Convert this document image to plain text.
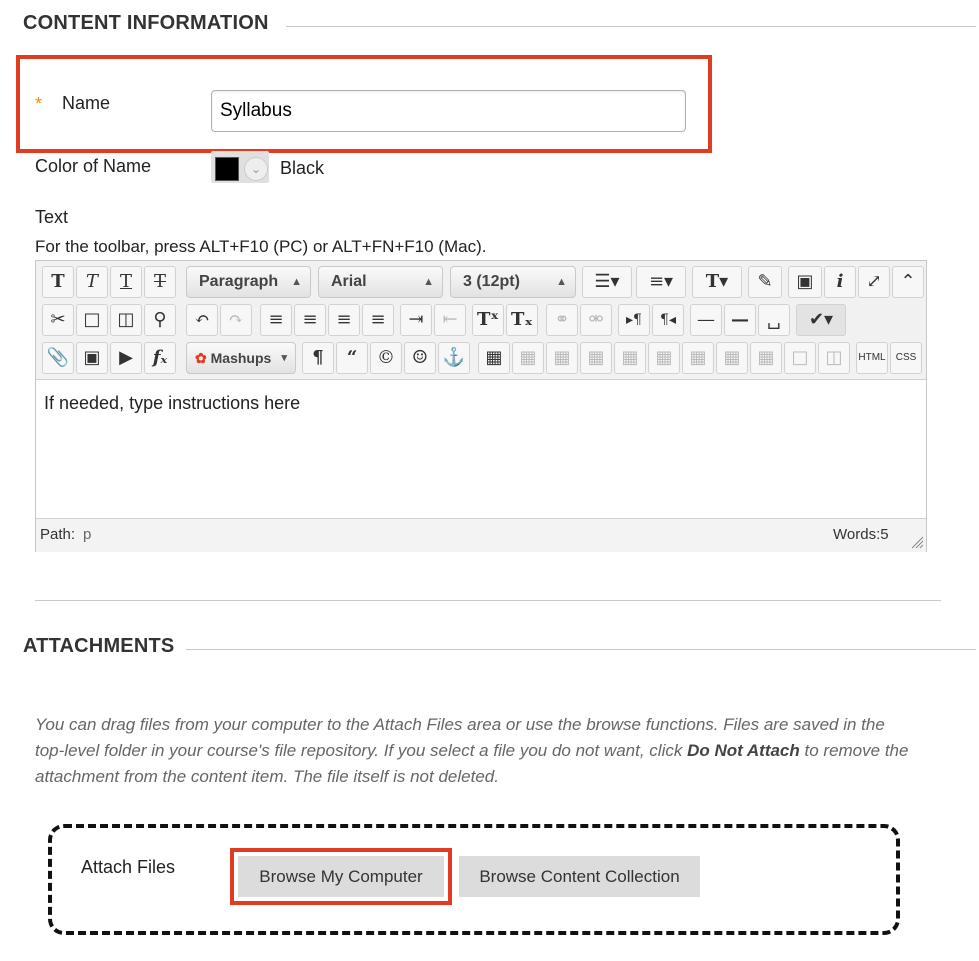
CONTENT INFORMATION
* Name
Syllabus
Color of Name	⌄	Black
Text
For the toolbar, press ALT+F10 (PC) or ALT+FN+F10 (Mac).
T	T	T	T	Paragraph ▲	Arial	▲	3 (12pt)	▲	☰▾	≡▾	T▾	✎	▣	i	⤢	⌃
✂ □ ◫	⚲	↶	↷	≡	≡	≡	≡	⇥	⇤	Tˣ Tₓ	⚭	⚮	▸¶	¶◂	— —	␣	✔▾
📎 ▣	▶	fₓ	✿ Mashups ▾	¶	“	© ☺ ⚓	▦ ▦ ▦ ▦ ▦ ▦ ▦ ▦ ▦ □ ◫	HTML	CSS
If needed, type instructions here
Path: p	Words:5
ATTACHMENTS
You can drag files from your computer to the Attach Files area or use the browse functions. Files are saved in the top-level folder in your course's file repository. If you select a file you do not want, click Do Not Attach to remove the attachment from the content item. The file itself is not deleted.
Attach Files	Browse My Computer	Browse Content Collection
